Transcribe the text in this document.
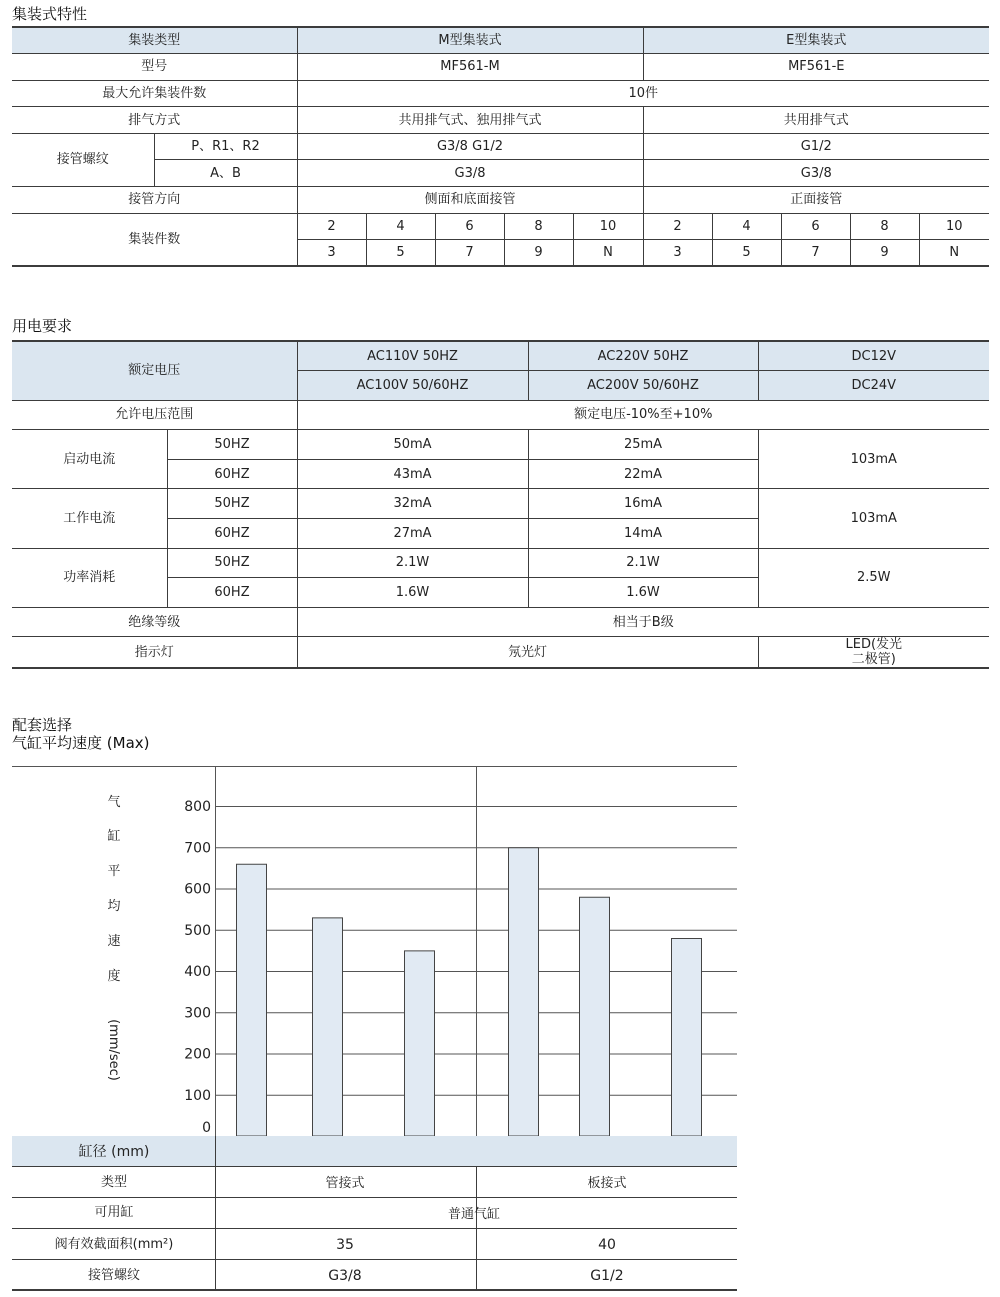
集装式特性
集装类型		M型集装式					E型集装式				
型号		MF561-M					MF561-E				
最大允许集装件数		10件									
排气方式		共用排气式、独用排气式					共用排气式				
接管螺纹	P、R1、R2	G3/8 G1/2					G1/2				
	A、B	G3/8					G3/8				
接管方向		侧面和底面接管					正面接管				
集装件数		2	4	6	8	10	2	4	6	8	10
		3	5	7	9	N	3	5	7	9	N
用电要求
额定电压		AC110V 50HZ	AC220V 50HZ	DC12V
		AC100V 50/60HZ	AC200V 50/60HZ	DC24V
允许电压范围		额定电压-10%至+10%		
启动电流	50HZ	50mA	25mA	103mA
	60HZ	43mA	22mA	
工作电流	50HZ	32mA	16mA	103mA
	60HZ	27mA	14mA	
功率消耗	50HZ	2.1W	2.1W	2.5W
	60HZ	1.6W	1.6W	
绝缘等级		相当于B级		
指示灯		氖光灯		LED(发光
二极管)
配套选择
气缸平均速度 (Max)
0
100
200
300
400
500
600
700
800
缸径 (mm)
类型	管接式	板接式
可用缸	普通气缸
阀有效截面积(mm²)	35	40
接管螺纹	G3/8	G1/2
气
缸
平
均
速
度
(mm/sec)
